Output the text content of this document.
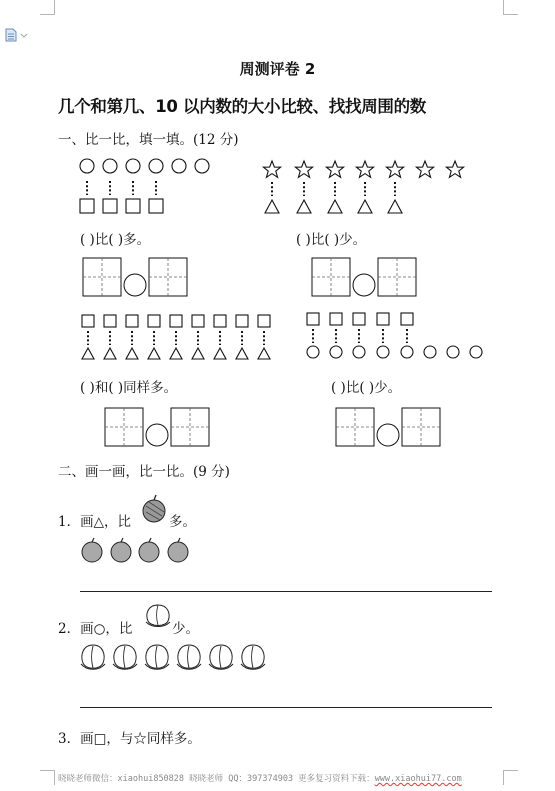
周测评卷 2
几个和第几、10 以内数的大小比较、找找周围的数
一、比一比，填一填。(12 分)
( )比( )多。	( )比( )少。
( )和( )同样多。	( )比( )少。
二、画一画，比一比。(9 分)
1．画△，比	多。
2．画○，比	少。
3．画□，与☆同样多。
晓晓老师微信：xiaohui850828 晓晓老师 QQ：397374903 更多复习资料下载：www.xiaohui77.com
